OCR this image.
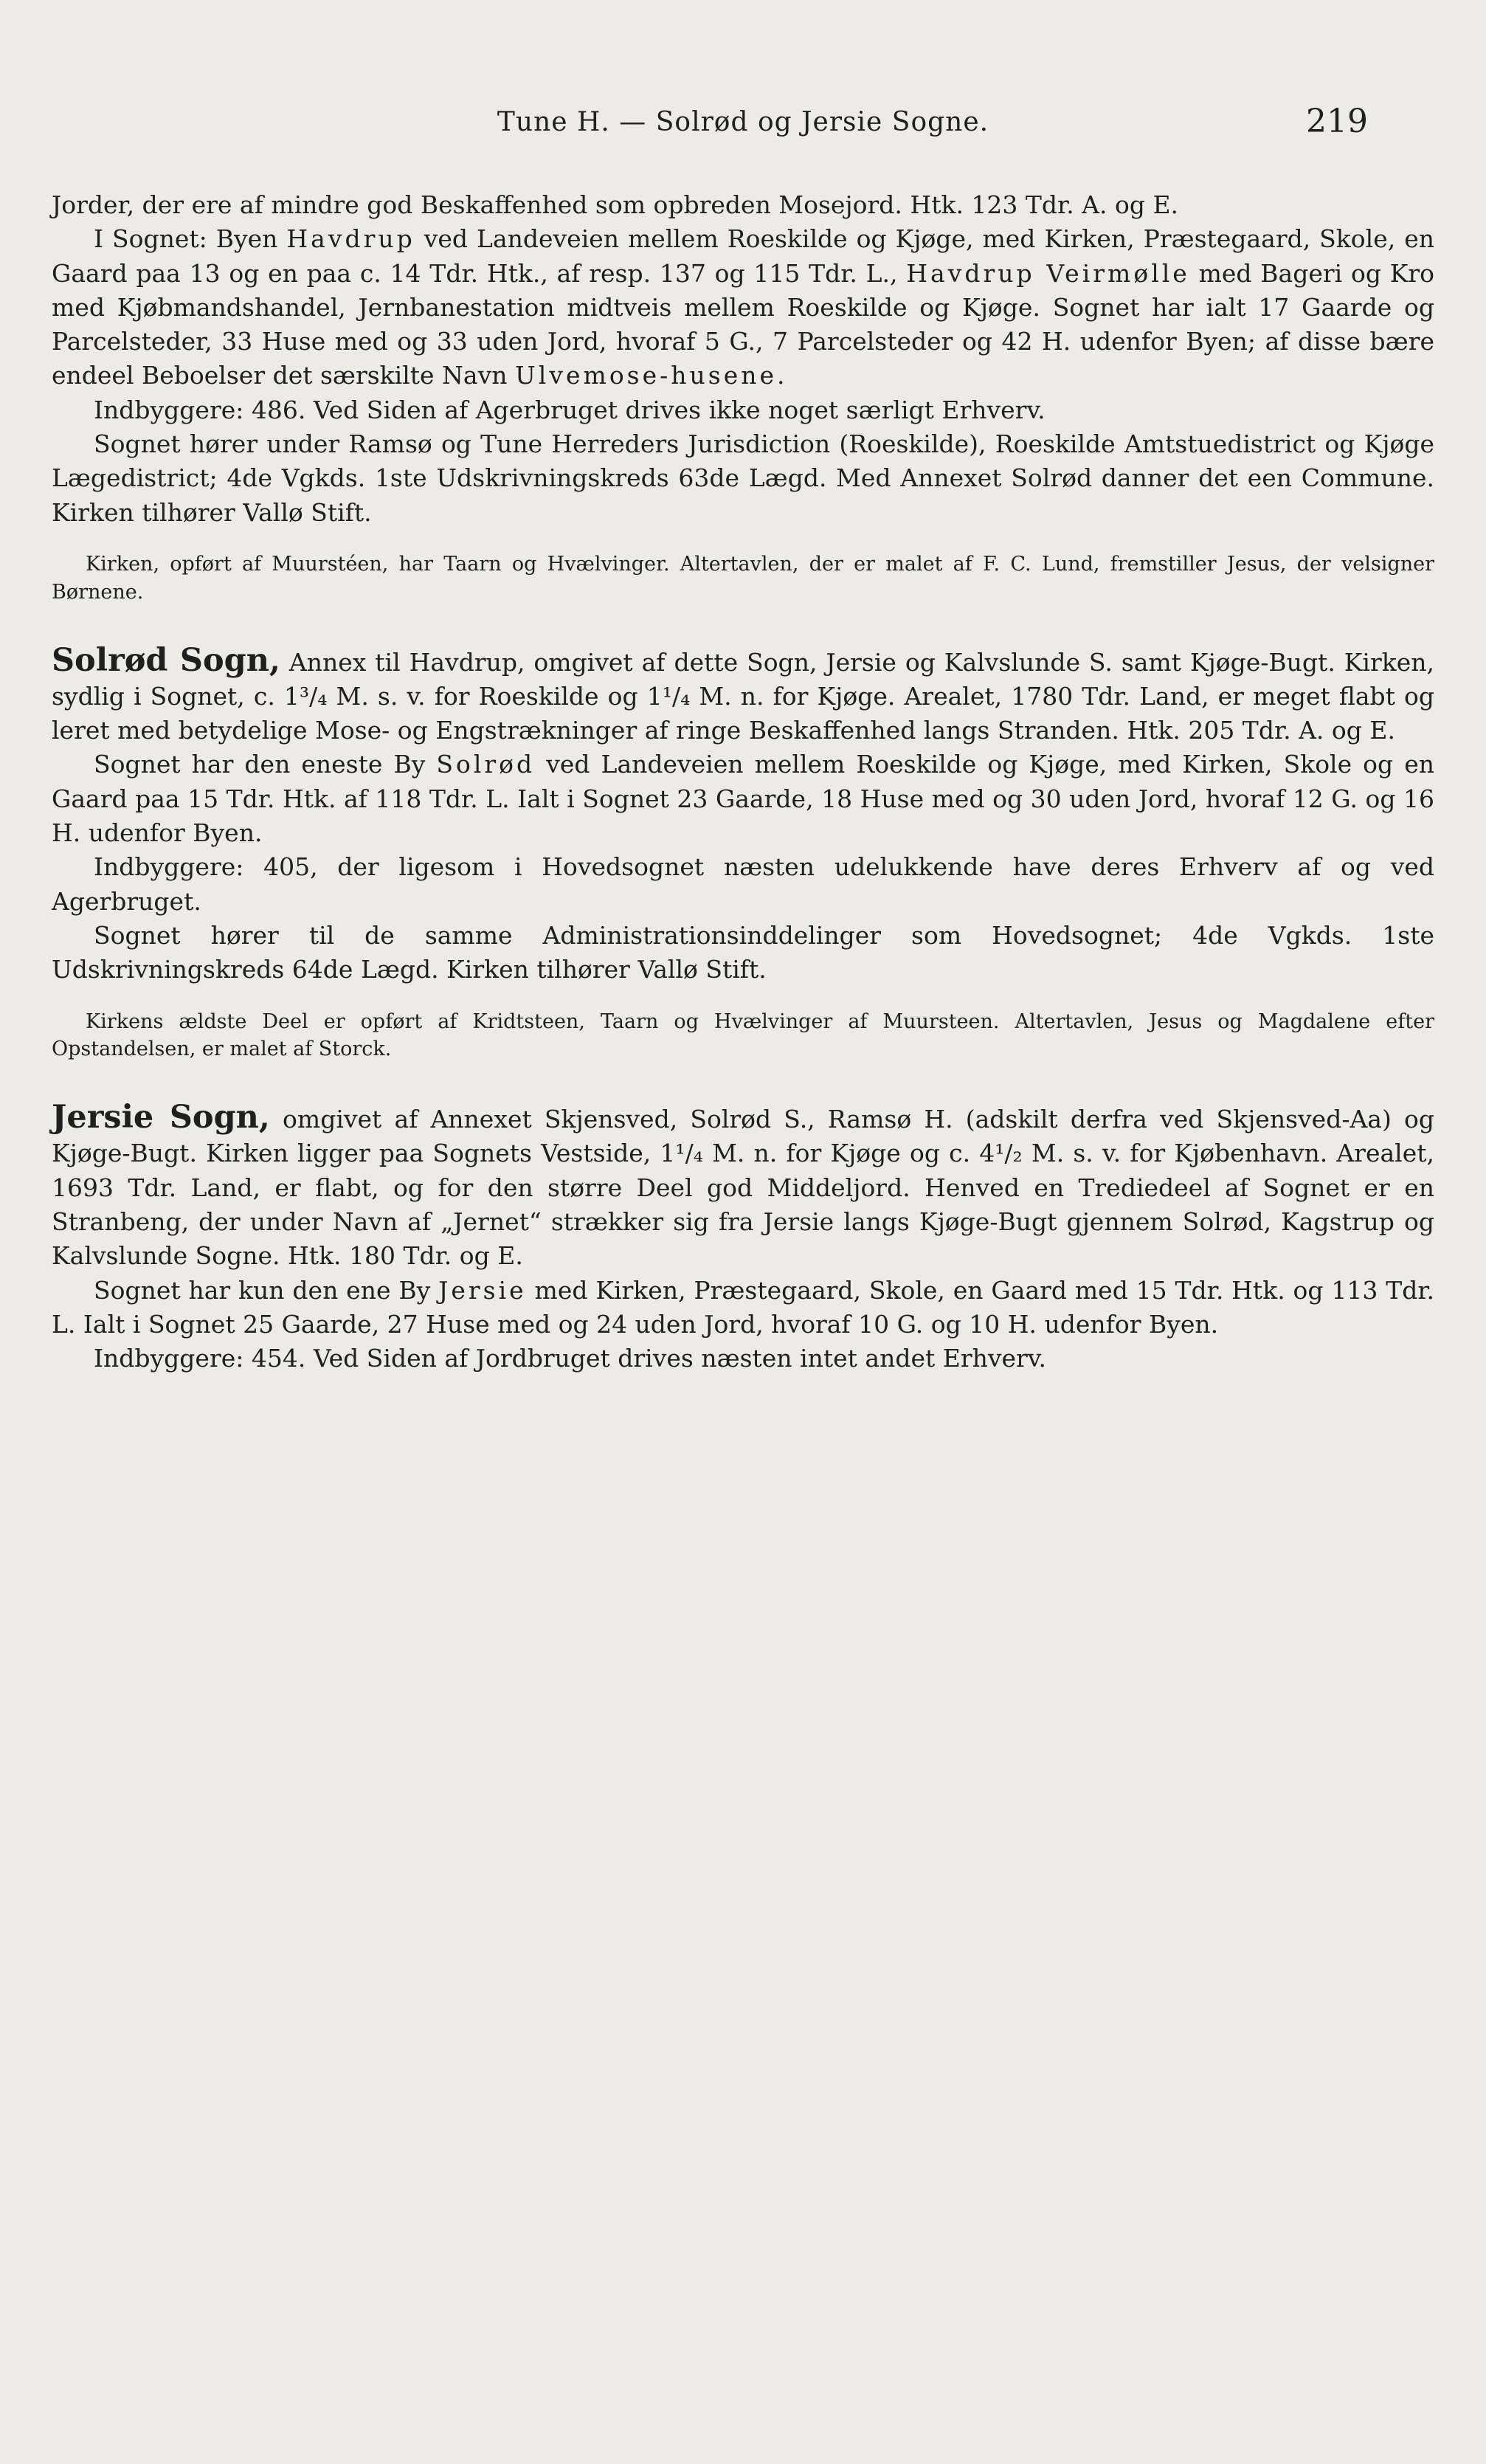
Tune H. — Solrød og Jersie Sogne.	219

Jorder, der ere af mindre god Beskaffenhed som opbreden Mosejord. Htk. 123 Tdr. A. og E.

I Sognet: Byen Havdrup ved Landeveien mellem Roeskilde og Kjøge, med Kirken, Præstegaard, Skole, en Gaard paa 13 og en paa c. 14 Tdr. Htk., af resp. 137 og 115 Tdr. L., Havdrup Veirmølle med Bageri og Kro med Kjøbmandshandel, Jernbanestation midtveis mellem Roeskilde og Kjøge. Sognet har ialt 17 Gaarde og Parcelsteder, 33 Huse med og 33 uden Jord, hvoraf 5 G., 7 Parcelsteder og 42 H. udenfor Byen; af disse bære endeel Beboelser det særskilte Navn Ulvemose-husene.

Indbyggere: 486. Ved Siden af Agerbruget drives ikke noget særligt Erhverv.

Sognet hører under Ramsø og Tune Herreders Jurisdiction (Roeskilde), Roeskilde Amtstuedistrict og Kjøge Lægedistrict; 4de Vgkds. 1ste Udskrivningskreds 63de Lægd. Med Annexet Solrød danner det een Commune. Kirken tilhører Vallø Stift.

Kirken, opført af Muurstéen, har Taarn og Hvælvinger. Altertavlen, der er malet af F. C. Lund, fremstiller Jesus, der velsigner Børnene.

Solrød Sogn, Annex til Havdrup, omgivet af dette Sogn, Jersie og Kalvslunde S. samt Kjøge-Bugt. Kirken, sydlig i Sognet, c. 1³/₄ M. s. v. for Roeskilde og 1¹/₄ M. n. for Kjøge. Arealet, 1780 Tdr. Land, er meget flabt og leret med betydelige Mose- og Engstrækninger af ringe Beskaffenhed langs Stranden. Htk. 205 Tdr. A. og E.

Sognet har den eneste By Solrød ved Landeveien mellem Roeskilde og Kjøge, med Kirken, Skole og en Gaard paa 15 Tdr. Htk. af 118 Tdr. L. Ialt i Sognet 23 Gaarde, 18 Huse med og 30 uden Jord, hvoraf 12 G. og 16 H. udenfor Byen.

Indbyggere: 405, der ligesom i Hovedsognet næsten udelukkende have deres Erhverv af og ved Agerbruget.

Sognet hører til de samme Administrationsinddelinger som Hovedsognet; 4de Vgkds. 1ste Udskrivningskreds 64de Lægd. Kirken tilhører Vallø Stift.

Kirkens ældste Deel er opført af Kridtsteen, Taarn og Hvælvinger af Muursteen. Altertavlen, Jesus og Magdalene efter Opstandelsen, er malet af Storck.

Jersie Sogn, omgivet af Annexet Skjensved, Solrød S., Ramsø H. (adskilt derfra ved Skjensved-Aa) og Kjøge-Bugt. Kirken ligger paa Sognets Vestside, 1¹/₄ M. n. for Kjøge og c. 4¹/₂ M. s. v. for Kjøbenhavn. Arealet, 1693 Tdr. Land, er flabt, og for den større Deel god Middeljord. Henved en Trediedeel af Sognet er en Stranbeng, der under Navn af „Jernet“ strækker sig fra Jersie langs Kjøge-Bugt gjennem Solrød, Kagstrup og Kalvslunde Sogne. Htk. 180 Tdr. og E.

Sognet har kun den ene By Jersie med Kirken, Præstegaard, Skole, en Gaard med 15 Tdr. Htk. og 113 Tdr. L. Ialt i Sognet 25 Gaarde, 27 Huse med og 24 uden Jord, hvoraf 10 G. og 10 H. udenfor Byen.

Indbyggere: 454. Ved Siden af Jordbruget drives næsten intet andet Erhverv.
